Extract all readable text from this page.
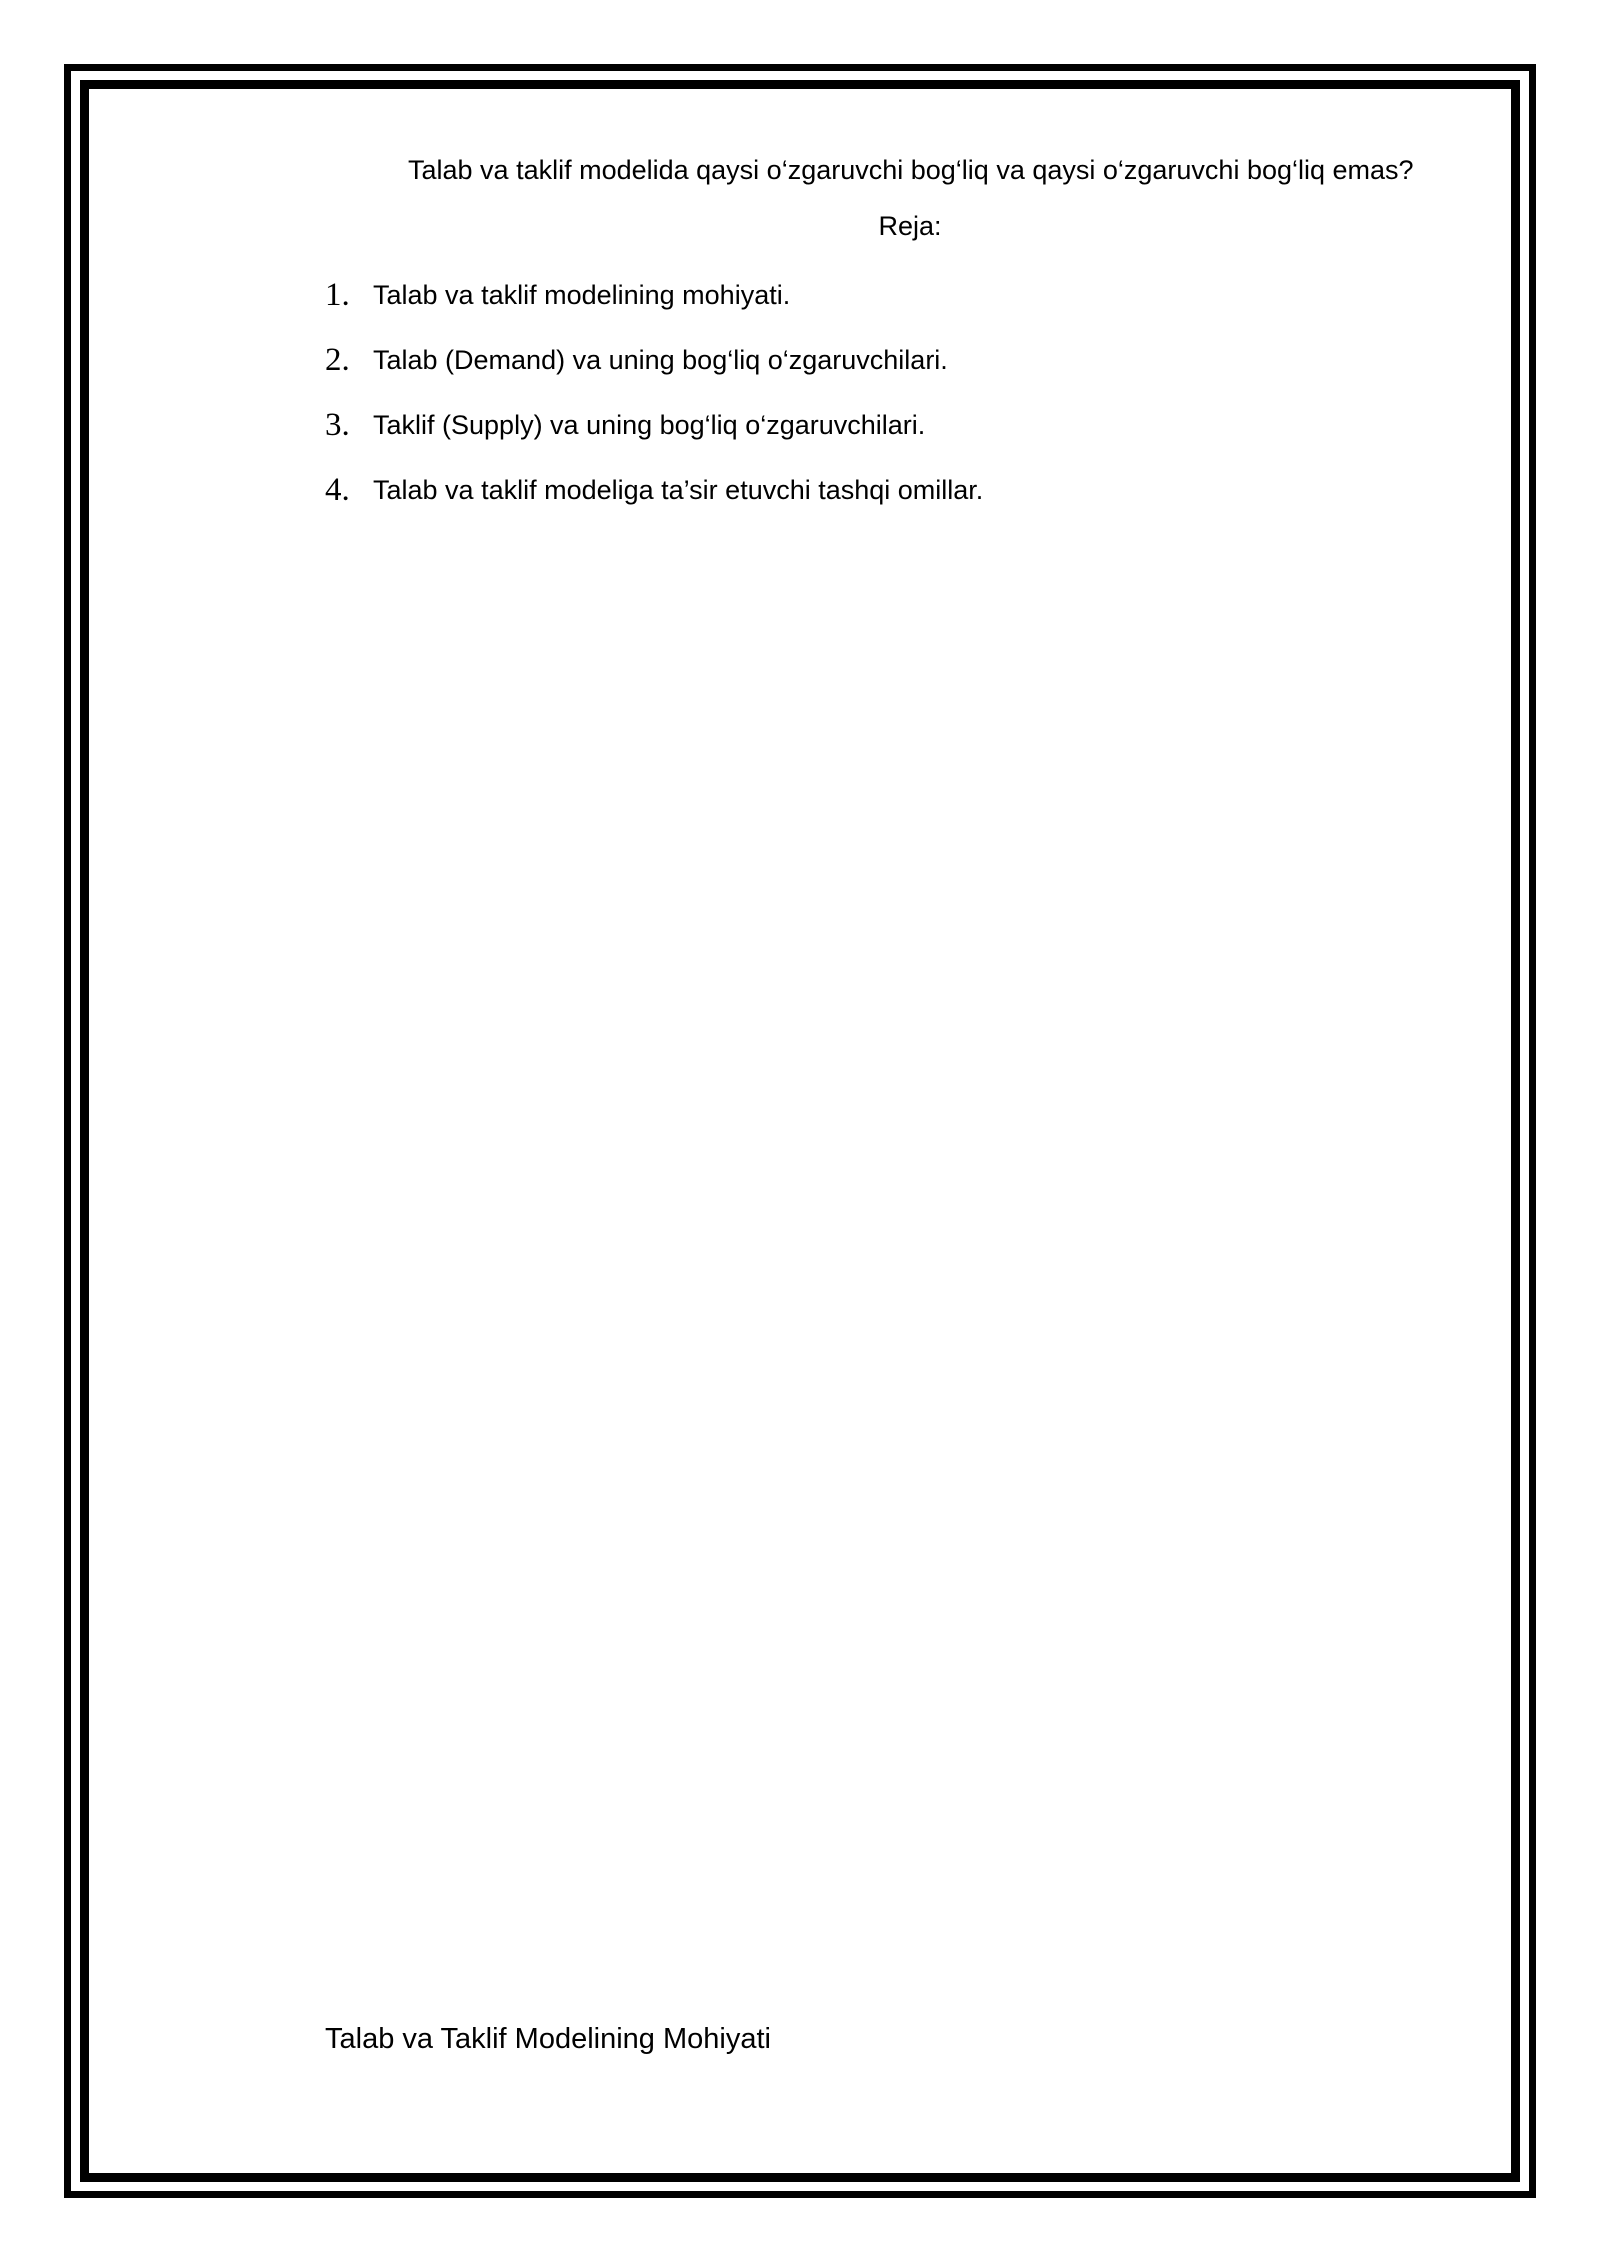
Talab va taklif modelida qaysi o‘zgaruvchi bog‘liq va qaysi o‘zgaruvchi bog‘liq emas?
Reja:
1. Talab va taklif modelining mohiyati.
2. Talab (Demand) va uning bog‘liq o‘zgaruvchilari.
3. Taklif (Supply) va uning bog‘liq o‘zgaruvchilari.
4. Talab va taklif modeliga ta’sir etuvchi tashqi omillar.
Talab va Taklif Modelining Mohiyati
